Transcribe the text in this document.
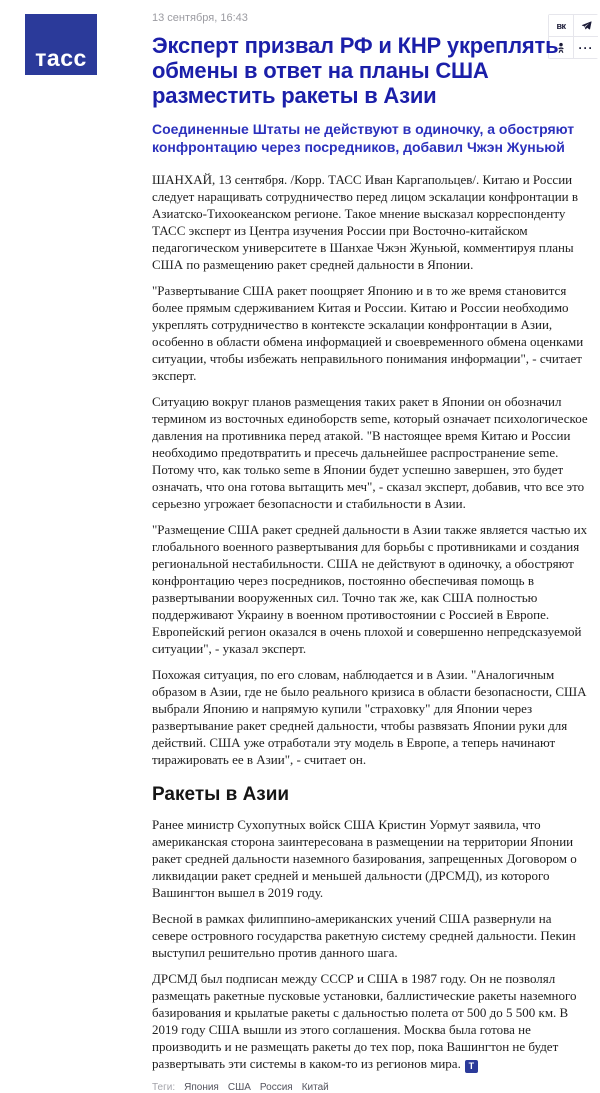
тасс
вк
···
13 сентября, 16:43
Эксперт призвал РФ и КНР укреплять обмены в ответ на планы США разместить ракеты в Азии
Соединенные Штаты не действуют в одиночку, а обостряют конфронтацию через посредников, добавил Чжэн Жуньюй

ШАНХАЙ, 13 сентября. /Корр. ТАСС Иван Каргапольцев/. Китаю и России следует наращивать сотрудничество перед лицом эскалации конфронтации в Азиатско-Тихоокеанском регионе. Такое мнение высказал корреспонденту ТАСС эксперт из Центра изучения России при Восточно-китайском педагогическом университете в Шанхае Чжэн Жуньюй, комментируя планы США по размещению ракет средней дальности в Японии.

"Развертывание США ракет поощряет Японию и в то же время становится более прямым сдерживанием Китая и России. Китаю и России необходимо укреплять сотрудничество в контексте эскалации конфронтации в Азии, особенно в области обмена информацией и своевременного обмена оценками ситуации, чтобы избежать неправильного понимания информации", - считает эксперт.

Ситуацию вокруг планов размещения таких ракет в Японии он обозначил термином из восточных единоборств seme, который означает психологическое давления на противника перед атакой. "В настоящее время Китаю и России необходимо предотвратить и пресечь дальнейшее распространение seme. Потому что, как только seme в Японии будет успешно завершен, это будет означать, что она готова вытащить меч", - сказал эксперт, добавив, что все это серьезно угрожает безопасности и стабильности в Азии.

"Размещение США ракет средней дальности в Азии также является частью их глобального военного развертывания для борьбы с противниками и создания региональной нестабильности. США не действуют в одиночку, а обостряют конфронтацию через посредников, постоянно обеспечивая помощь в развертывании вооруженных сил. Точно так же, как США полностью поддерживают Украину в военном противостоянии с Россией в Европе. Европейский регион оказался в очень плохой и совершенно непредсказуемой ситуации", - указал эксперт.

Похожая ситуация, по его словам, наблюдается и в Азии. "Аналогичным образом в Азии, где не было реального кризиса в области безопасности, США выбрали Японию и напрямую купили "страховку" для Японии через развертывание ракет средней дальности, чтобы развязать Японии руки для действий. США уже отработали эту модель в Европе, а теперь начинают тиражировать ее в Азии", - считает он.

Ракеты в Азии

Ранее министр Сухопутных войск США Кристин Уормут заявила, что американская сторона заинтересована в размещении на территории Японии ракет средней дальности наземного базирования, запрещенных Договором о ликвидации ракет средней и меньшей дальности (ДРСМД), из которого Вашингтон вышел в 2019 году.

Весной в рамках филиппино-американских учений США развернули на севере островного государства ракетную систему средней дальности. Пекин выступил решительно против данного шага.

ДРСМД был подписан между СССР и США в 1987 году. Он не позволял размещать ракетные пусковые установки, баллистические ракеты наземного базирования и крылатые ракеты с дальностью полета от 500 до 5 500 км. В 2019 году США вышли из этого соглашения. Москва была готова не производить и не размещать ракеты до тех пор, пока Вашингтон не будет развертывать эти системы в каком-то из регионов мира. Т

Теги: Япония США Россия Китай
